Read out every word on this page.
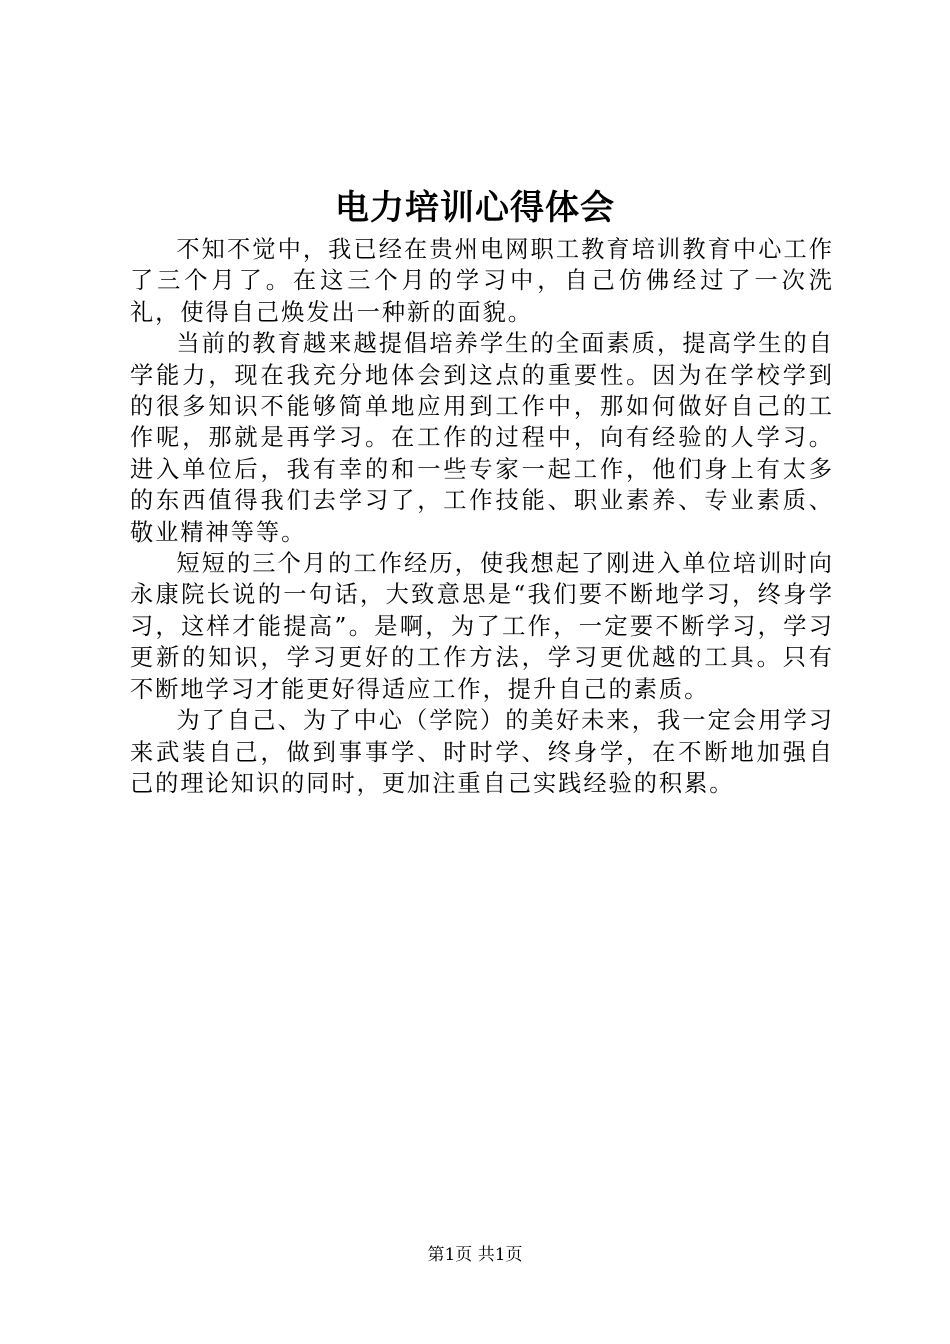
电力培训心得体会

不知不觉中，我已经在贵州电网职工教育培训教育中心工作了三个月了。在这三个月的学习中，自己仿佛经过了一次洗礼，使得自己焕发出一种新的面貌。

当前的教育越来越提倡培养学生的全面素质，提高学生的自学能力，现在我充分地体会到这点的重要性。因为在学校学到的很多知识不能够简单地应用到工作中，那如何做好自己的工作呢，那就是再学习。在工作的过程中，向有经验的人学习。进入单位后，我有幸的和一些专家一起工作，他们身上有太多的东西值得我们去学习了，工作技能、职业素养、专业素质、敬业精神等等。

短短的三个月的工作经历，使我想起了刚进入单位培训时向永康院长说的一句话，大致意思是“我们要不断地学习，终身学习，这样才能提高”。是啊，为了工作，一定要不断学习，学习更新的知识，学习更好的工作方法，学习更优越的工具。只有不断地学习才能更好得适应工作，提升自己的素质。

为了自己、为了中心（学院）的美好未来，我一定会用学习来武装自己，做到事事学、时时学、终身学，在不断地加强自己的理论知识的同时，更加注重自己实践经验的积累。

第1页 共1页
